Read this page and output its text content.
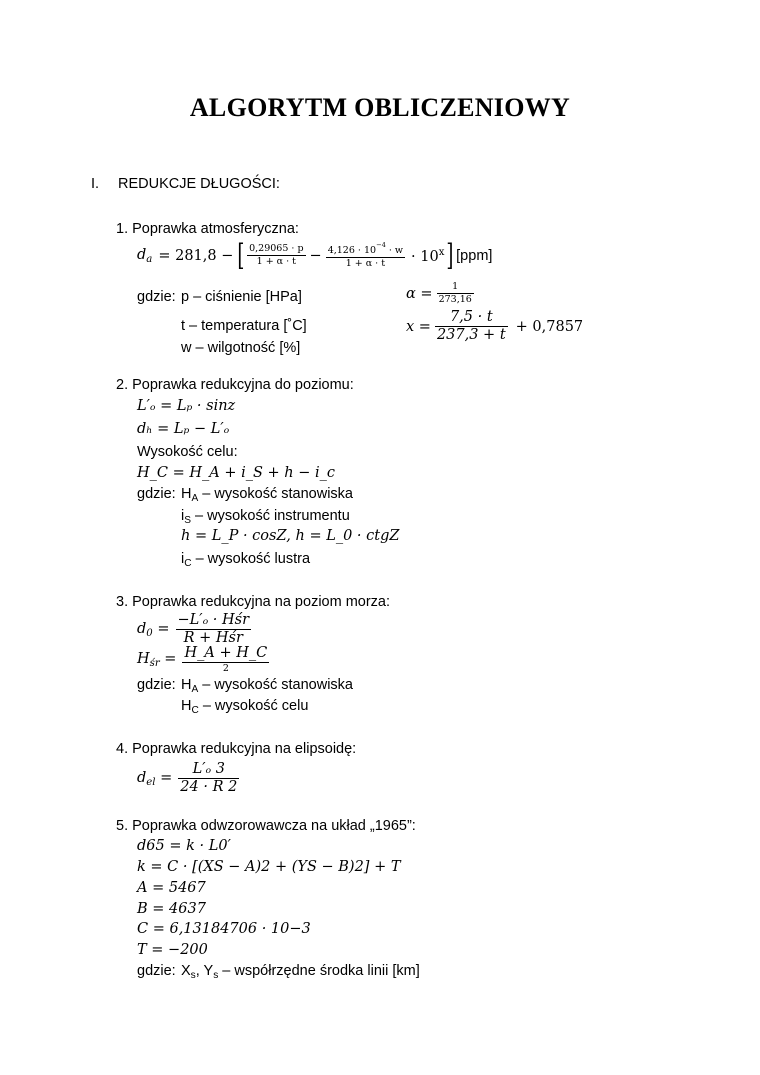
ALGORYTM OBLICZENIOWY
I. REDUKCJE DŁUGOŚCI:
1. Poprawka atmosferyczna:
$d_a = 281,8$ − [ $\frac{0,29065 \cdot p}{1 + \alpha \cdot t} - \frac{4,126 \cdot 10^{-4} \cdot w}{1 + \alpha \cdot t} \cdot 10^x$ ] [ppm]
gdzie: p – ciśnienie [HPa]
t – temperatura [˚C]
w – wilgotność [%]
$\alpha = \frac{1}{273,16}$
$x = \frac{7,5 \cdot t}{237,3 + t} + 0,7857$
2. Poprawka redukcyjna do poziomu:
L′ₒ = Lₚ · sinz
dₕ = Lₚ − L′ₒ
Wysokość celu:
H_C = H_A + i_S + h − i_c
gdzie: $H_A$ – wysokość stanowiska
$i_S$ – wysokość instrumentu
h = L_P · cosZ, h = L_0 · ctgZ
$i_C$ – wysokość lustra
3. Poprawka redukcyjna na poziom morza:
$d_0 = \frac{\text{−L′ₒ · Hśr}}{\text{R + Hśr}}$
$H_{śr} = \frac{H\_A + H\_C}{2}$
gdzie: $H_A$ – wysokość stanowiska
$H_C$ – wysokość celu
4. Poprawka redukcyjna na elipsoidę:
$d_{el} = \frac{\text{L′ₒ 3}}{24 \cdot R 2}$
5. Poprawka odwzorowawcza na układ „1965”:
d65 = k · L0′
k = C · [(XS − A)2 + (YS − B)2] + T
A = 5467
B = 4637
C = 6,13184706 · 10−3
T = −200
gdzie: $X_s$, $Y_s$ – współrzędne środka linii [km]
